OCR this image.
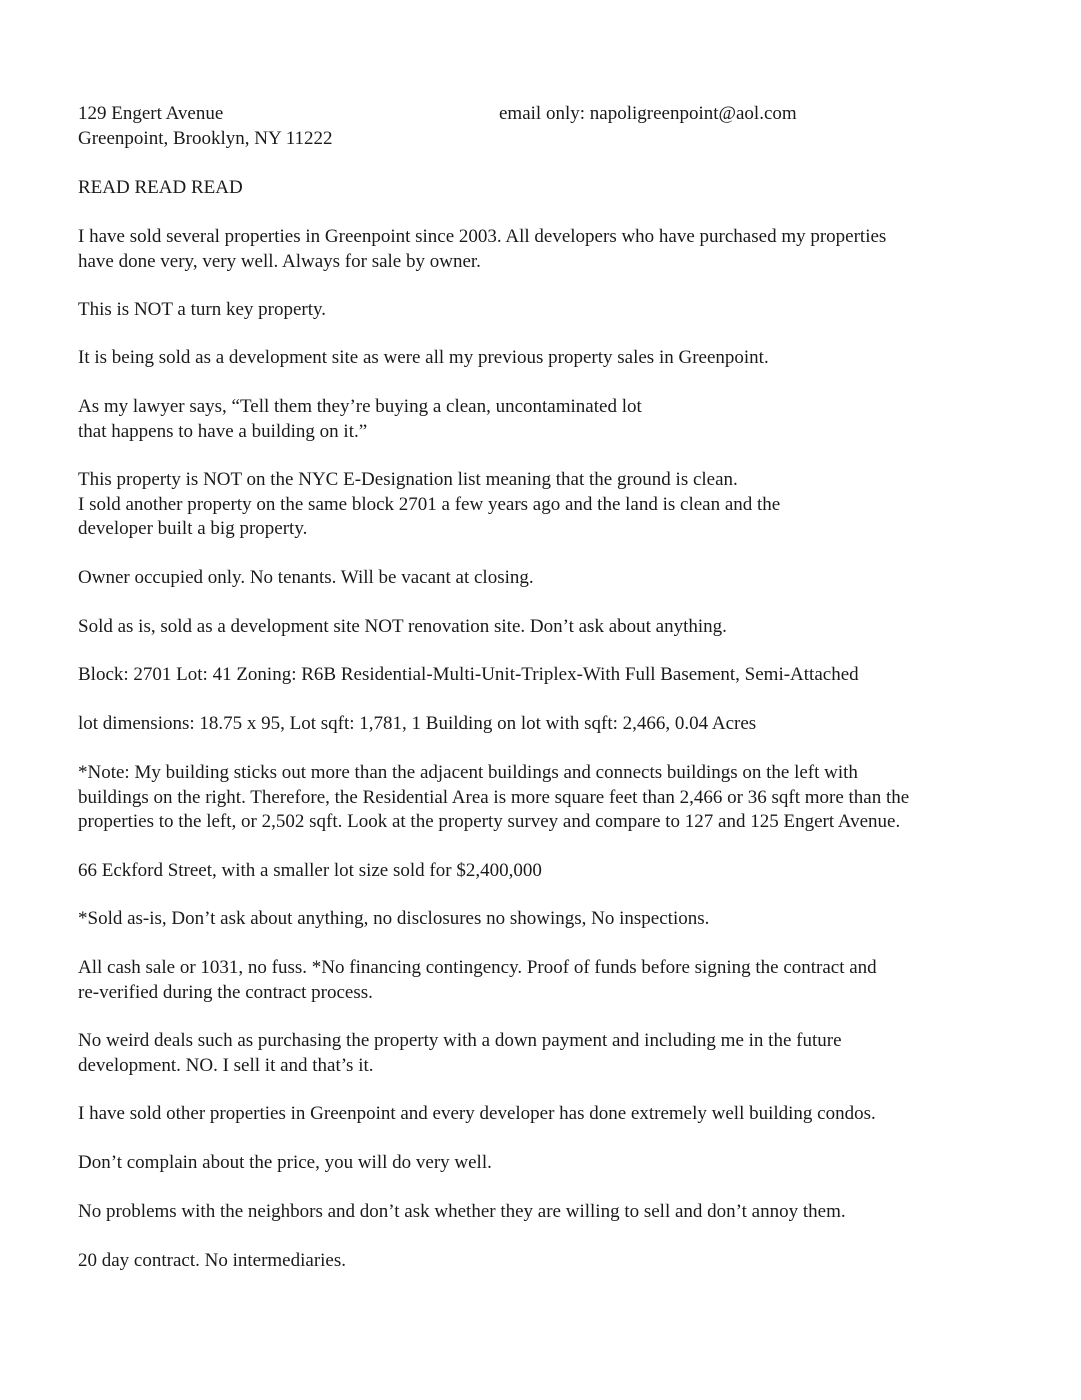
129 Engert Avenue
Greenpoint, Brooklyn, NY 11222
email only: napoligreenpoint@aol.com

READ READ READ

I have sold several properties in Greenpoint since 2003. All developers who have purchased my properties
have done very, very well. Always for sale by owner.

This is NOT a turn key property.

It is being sold as a development site as were all my previous property sales in Greenpoint.

As my lawyer says, “Tell them they’re buying a clean, uncontaminated lot
that happens to have a building on it.”

This property is NOT on the NYC E-Designation list meaning that the ground is clean.
I sold another property on the same block 2701 a few years ago and the land is clean and the
developer built a big property.

Owner occupied only. No tenants. Will be vacant at closing.

Sold as is, sold as a development site NOT renovation site. Don’t ask about anything.

Block: 2701 Lot: 41 Zoning: R6B Residential-Multi-Unit-Triplex-With Full Basement, Semi-Attached

lot dimensions: 18.75 x 95, Lot sqft: 1,781, 1 Building on lot with sqft: 2,466, 0.04 Acres

*Note: My building sticks out more than the adjacent buildings and connects buildings on the left with
buildings on the right. Therefore, the Residential Area is more square feet than 2,466 or 36 sqft more than the
properties to the left, or 2,502 sqft. Look at the property survey and compare to 127 and 125 Engert Avenue.

66 Eckford Street, with a smaller lot size sold for $2,400,000

*Sold as-is, Don’t ask about anything, no disclosures no showings, No inspections.

All cash sale or 1031, no fuss. *No financing contingency. Proof of funds before signing the contract and
re-verified during the contract process.

No weird deals such as purchasing the property with a down payment and including me in the future
development. NO. I sell it and that’s it.

I have sold other properties in Greenpoint and every developer has done extremely well building condos.

Don’t complain about the price, you will do very well.

No problems with the neighbors and don’t ask whether they are willing to sell and don’t annoy them.

20 day contract. No intermediaries.
